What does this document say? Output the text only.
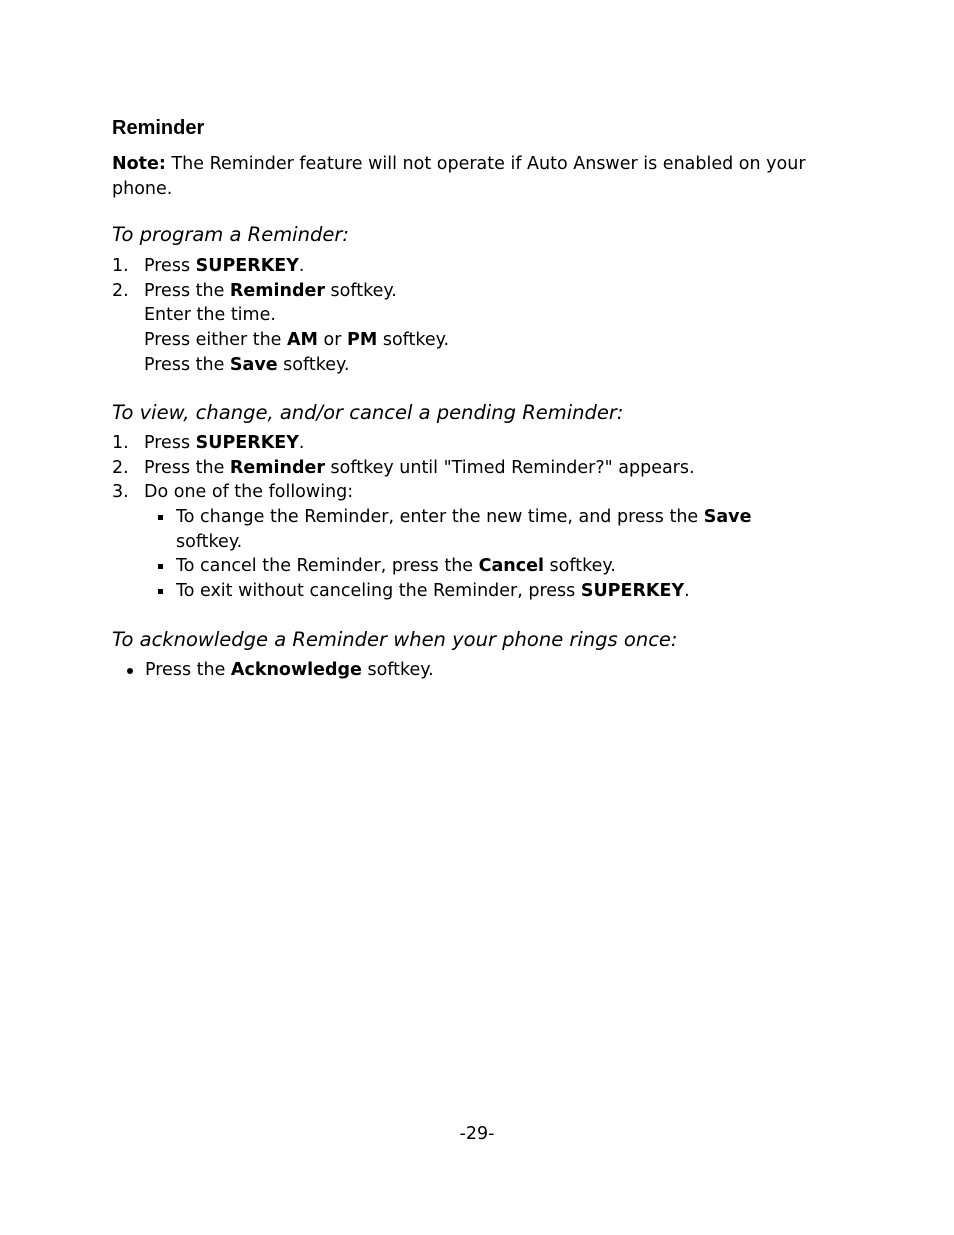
Reminder

Note: The Reminder feature will not operate if Auto Answer is enabled on your phone.

To program a Reminder:
1. Press SUPERKEY.
2. Press the Reminder softkey.
Enter the time.
Press either the AM or PM softkey.
Press the Save softkey.
To view, change, and/or cancel a pending Reminder:
1. Press SUPERKEY.
2. Press the Reminder softkey until "Timed Reminder?" appears.
3. Do one of the following:
To change the Reminder, enter the new time, and press the Save softkey.
To cancel the Reminder, press the Cancel softkey.
To exit without canceling the Reminder, press SUPERKEY.
To acknowledge a Reminder when your phone rings once:
Press the Acknowledge softkey.

-29-
